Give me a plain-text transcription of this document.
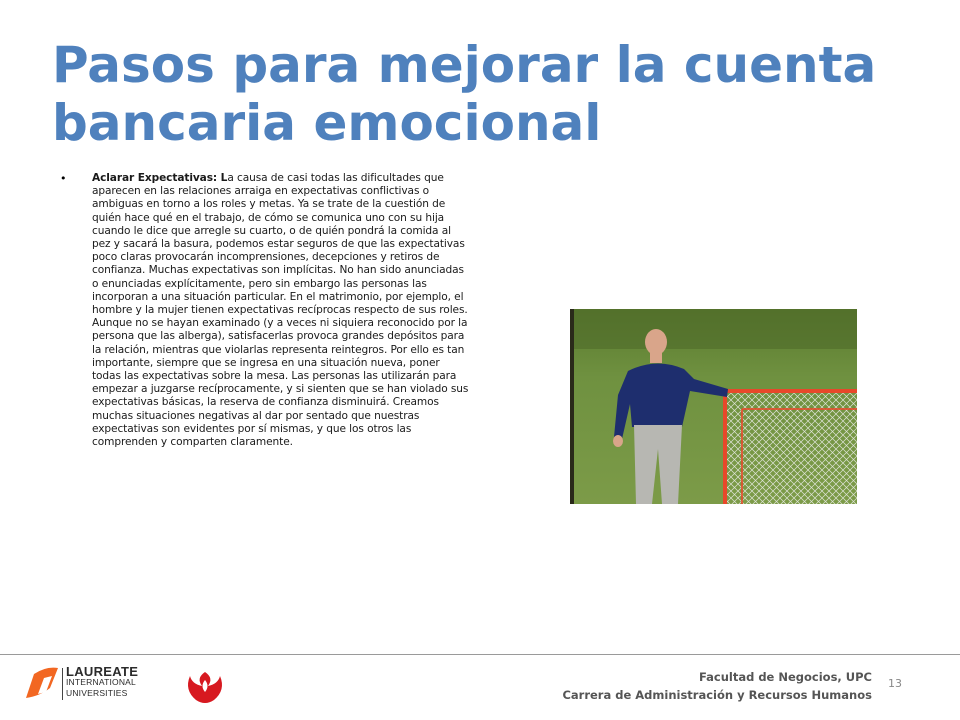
Pasos para mejorar la cuenta bancaria emocional
• Aclarar Expectativas: La causa de casi todas las dificultades que aparecen en las relaciones arraiga en expectativas conflictivas o ambiguas en torno a los roles y metas. Ya se trate de la cuestión de quién hace qué en el trabajo, de cómo se comunica uno con su hija cuando le dice que arregle su cuarto, o de quién pondrá la comida al pez y sacará la basura, podemos estar seguros de que las expectativas poco claras provocarán incomprensiones, decepciones y retiros de confianza. Muchas expectativas son implícitas. No han sido anunciadas o enunciadas explícitamente, pero sin embargo las personas las incorporan a una situación particular. En el matrimonio, por ejemplo, el hombre y la mujer tienen expectativas recíprocas respecto de sus roles. Aunque no se hayan examinado (y a veces ni siquiera reconocido por la persona que las alberga), satisfacerlas provoca grandes depósitos para la relación, mientras que violarlas representa reintegros. Por ello es tan importante, siempre que se ingresa en una situación nueva, poner todas las expectativas sobre la mesa. Las personas las utilizarán para empezar a juzgarse recíprocamente, y si sienten que se han violado sus expectativas básicas, la reserva de confianza disminuirá. Creamos muchas situaciones negativas al dar por sentado que nuestras expectativas son evidentes por sí mismas, y que los otros las comprenden y comparten claramente.

LAUREATE
INTERNATIONAL
UNIVERSITIES
Facultad de Negocios, UPC
Carrera de Administración y Recursos Humanos
13
